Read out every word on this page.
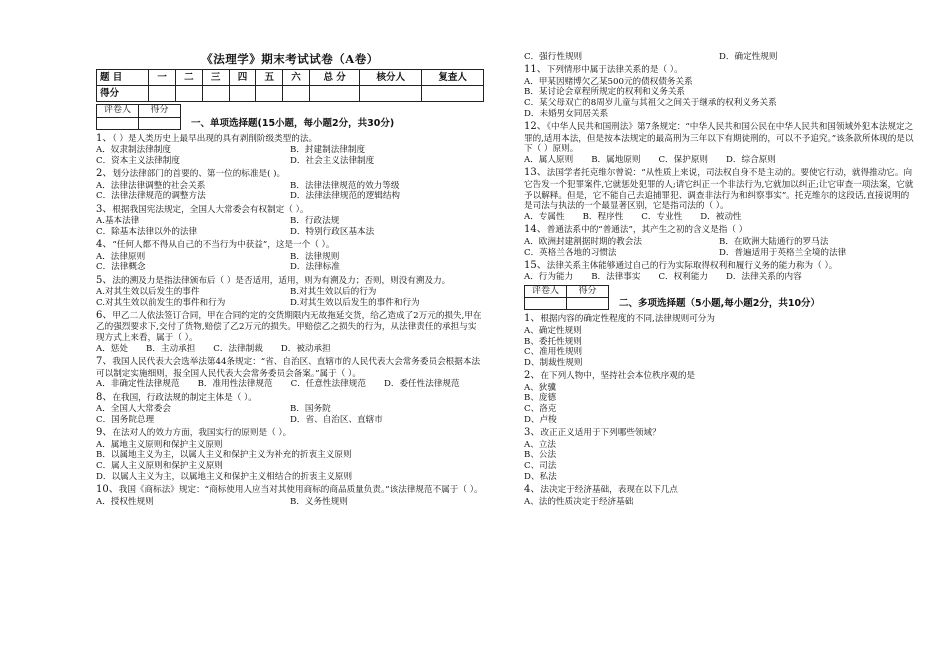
《法理学》期末考试试卷（A卷）
题 目	一	二	三	四	五	六	总 分	核分人	复查人
得分									
评卷人	得分

一、单项选择题(15小题，每小题2分，共30分)
1、（ ）是人类历史上最早出现的具有剥削阶级类型的法。
A．奴隶制法律制度	B．封建制法律制度
C．资本主义法律制度	D．社会主义法律制度
2、划分法律部门的首要的、第一位的标准是( )。
A．法律法律调整的社会关系	B．法律法律规范的效力等级
C．法律法律规范的调整方法	D．法律法律规范的逻辑结构
3、根据我国宪法规定，全国人大常委会有权制定（ ）。
A.基本法律	B．行政法规
C．除基本法律以外的法律	D．特别行政区基本法
4、“任何人都不得从自己的不当行为中获益”，这是一个（ ）。
A．法律原则	B．法律规则
C．法律概念	D．法律标准
5、法的溯及力是指法律颁布后（ ）是否适用，适用，则为有溯及力；否则，则没有溯及力。
A.对其生效以后发生的事件	B.对其生效以后的行为
C.对其生效以前发生的事件和行为	D.对其生效以后发生的事件和行为
6、甲乙二人依法签订合同，甲在合同约定的交货期限内无故拖延交货，给乙造成了2万元的损失,甲在乙的强烈要求下,交付了货物,赔偿了乙2万元的损失。甲赔偿乙之损失的行为，从法律责任的承担与实现方式上来看，属于（ ）。
A．惩处	B．主动承担	C．法律制裁	D．被动承担
7、我国人民代表大会选举法第44条规定：“省、自治区、直辖市的人民代表大会常务委员会根据本法可以制定实施细则，报全国人民代表大会常务委员会备案。”属于（ ）。
A．非确定性法律规范	B．准用性法律规范	C．任意性法律规范	D．委任性法律规范
8、在我国，行政法规的制定主体是（ ）。
A．全国人大常委会	B．国务院
C．国务院总理	D．省、自治区、直辖市
9、在法对人的效力方面，我国实行的原则是（ ）。
A．属地主义原则和保护主义原则
B．以属地主义为主，以属人主义和保护主义为补充的折衷主义原则
C．属人主义原则和保护主义原则
D．以属人主义为主，以属地主义和保护主义相结合的折衷主义原则
10、我国《商标法》规定：“商标使用人应当对其使用商标的商品质量负责。”该法律规范不属于（ ）。
A．授权性规则	B．义务性规则
C．强行性规则	D．确定性规则
11、下列情形中属于法律关系的是（ ）。
A．甲某因赌博欠乙某500元的债权债务关系
B．某讨论会章程所规定的权利和义务关系
C．某父母双亡的8周岁儿童与其祖父之间关于继承的权利义务关系
D．未婚男女同居关系
12、《中华人民共和国刑法》第7条规定：“中华人民共和国公民在中华人民共和国领域外犯本法规定之罪的,适用本法，但是按本法规定的最高刑为三年以下有期徒刑的，可以不予追究。”该条款所体现的是以下（ ）原则。
A．属人原则	B．属地原则	C．保护原则	D．综合原则
13、法国学者托克维尔曾说：“从性质上来说，司法权自身不是主动的。要使它行动，就得推动它。向它告发一个犯罪案件,它就惩处犯罪的人;请它纠正一个非法行为,它就加以纠正;让它审查一项法案，它就予以解释。但是，它不能自己去追捕罪犯、调查非法行为和纠察事实”。托克维尔的这段话,直接说明的是司法与执法的一个最显著区别，它是指司法的（ ）。
A．专属性	B．程序性	C．专业性	D．被动性
14、普通法系中的“普通法”，其产生之初的含义是指（ ）
A．欧洲封建割据时期的教会法	B．在欧洲大陆通行的罗马法
C．英格兰各地的习惯法	D．普遍适用于英格兰全境的法律
15、法律关系主体能够通过自己的行为实际取得权利和履行义务的能力称为（ ）。
A．行为能力	B．法律事实	C．权利能力	D．法律关系的内容
评卷人	得分

二、多项选择题（5小题,每小题2分，共10分）
1、根据内容的确定性程度的不同,法律规则可分为
A、确定性规则
B、委托性规则
C、准用性规则
D、制裁性规则
2、在下列人物中，坚持社会本位秩序观的是
A、狄骥
B、庞德
C、洛克
D、卢梭
3、改正正义适用于下列哪些领域？
A、立法
B、公法
C、司法
D、私法
4、法决定于经济基础，表现在以下几点
A、法的性质决定于经济基础
